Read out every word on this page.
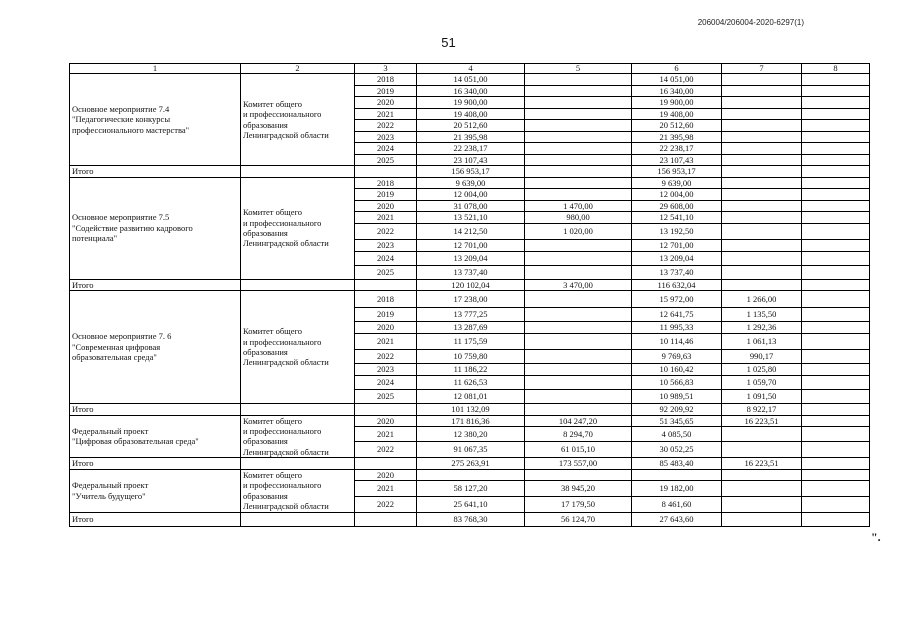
206004/206004-2020-6297(1)
51
1	2	3	4	5	6	7	8

Основное мероприятие 7.4
"Педагогические конкурсы
профессионального мастерства"	Комитет общего
и профессионального
образования
Ленинградской области	2018	14 051,00		14 051,00		
		2019	16 340,00		16 340,00		
		2020	19 900,00		19 900,00		
		2021	19 408,00		19 408,00		
		2022	20 512,60		20 512,60		
		2023	21 395,98		21 395,98		
		2024	22 238,17		22 238,17		
		2025	23 107,43		23 107,43		
Итого			156 953,17		156 953,17		

Основное мероприятие 7.5
"Содействие развитию кадрового
потенциала"	Комитет общего
и профессионального
образования
Ленинградской области	2018	9 639,00		9 639,00		
		2019	12 004,00		12 004,00		
		2020	31 078,00	1 470,00	29 608,00		
		2021	13 521,10	980,00	12 541,10		
		2022	14 212,50	1 020,00	13 192,50		
		2023	12 701,00		12 701,00		
		2024	13 209,04		13 209,04		
		2025	13 737,40		13 737,40		
Итого			120 102,04	3 470,00	116 632,04		

Основное мероприятие 7. 6
"Современная цифровая
образовательная среда"	Комитет общего
и профессионального
образования
Ленинградской области	2018	17 238,00		15 972,00	1 266,00	
		2019	13 777,25		12 641,75	1 135,50	
		2020	13 287,69		11 995,33	1 292,36	
		2021	11 175,59		10 114,46	1 061,13	
		2022	10 759,80		9 769,63	990,17	
		2023	11 186,22		10 160,42	1 025,80	
		2024	11 626,53		10 566,83	1 059,70	
		2025	12 081,01		10 989,51	1 091,50	
Итого			101 132,09		92 209,92	8 922,17	

Федеральный проект
"Цифровая образовательная среда"	Комитет общего
и профессионального
образования
Ленинградской области	2020	171 816,36	104 247,20	51 345,65	16 223,51	
		2021	12 380,20	8 294,70	4 085,50		
		2022	91 067,35	61 015,10	30 052,25		
Итого			275 263,91	173 557,00	85 483,40	16 223,51	

Федеральный проект
"Учитель будущего"	Комитет общего
и профессионального
образования
Ленинградской области	2020					
		2021	58 127,20	38 945,20	19 182,00		
		2022	25 641,10	17 179,50	8 461,60		
Итого			83 768,30	56 124,70	27 643,60		
".
